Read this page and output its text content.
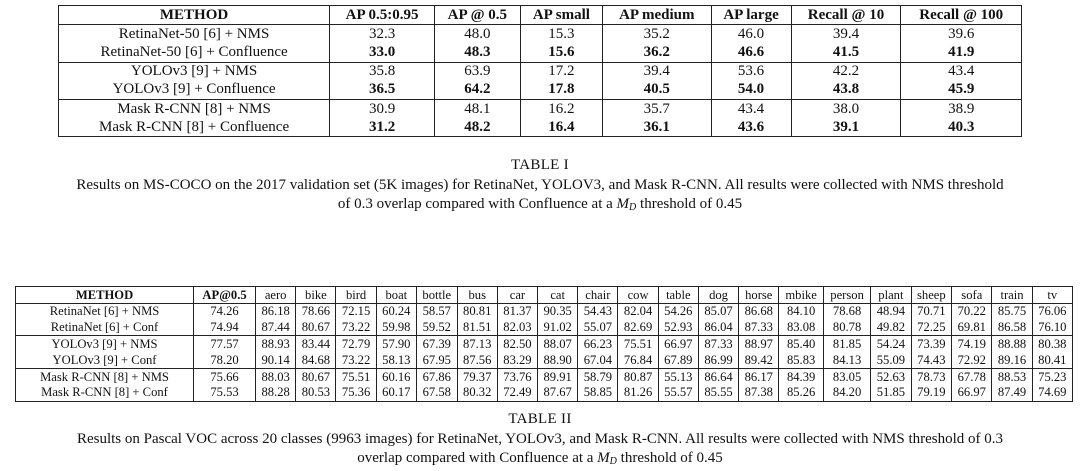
METHOD	AP 0.5:0.95	AP @ 0.5	AP small	AP medium	AP large	Recall @ 10	Recall @ 100
RetinaNet-50 [6] + NMS	32.3	48.0	15.3	35.2	46.0	39.4	39.6
RetinaNet-50 [6] + Confluence	33.0	48.3	15.6	36.2	46.6	41.5	41.9
YOLOv3 [9] + NMS	35.8	63.9	17.2	39.4	53.6	42.2	43.4
YOLOv3 [9] + Confluence	36.5	64.2	17.8	40.5	54.0	43.8	45.9
Mask R-CNN [8] + NMS	30.9	48.1	16.2	35.7	43.4	38.0	38.9
Mask R-CNN [8] + Confluence	31.2	48.2	16.4	36.1	43.6	39.1	40.3
TABLE I
Results on MS-COCO on the 2017 validation set (5K images) for RetinaNet, YOLOV3, and Mask R-CNN. All results were collected with NMS threshold
of 0.3 overlap compared with Confluence at a $M_D$ threshold of 0.45
METHOD	AP@0.5	aero	bike	bird	boat	bottle	bus	car	cat	chair	cow	table	dog	horse	mbike	person	plant	sheep	sofa	train	tv
RetinaNet [6] + NMS	74.26	86.18	78.66	72.15	60.24	58.57	80.81	81.37	90.35	54.43	82.04	54.26	85.07	86.68	84.10	78.68	48.94	70.71	70.22	85.75	76.06
RetinaNet [6] + Conf	74.94	87.44	80.67	73.22	59.98	59.52	81.51	82.03	91.02	55.07	82.69	52.93	86.04	87.33	83.08	80.78	49.82	72.25	69.81	86.58	76.10
YOLOv3 [9] + NMS	77.57	88.93	83.44	72.79	57.90	67.39	87.13	82.50	88.07	66.23	75.51	66.97	87.33	88.97	85.40	81.85	54.24	73.39	74.19	88.88	80.38
YOLOv3 [9] + Conf	78.20	90.14	84.68	73.22	58.13	67.95	87.56	83.29	88.90	67.04	76.84	67.89	86.99	89.42	85.83	84.13	55.09	74.43	72.92	89.16	80.41
Mask R-CNN [8] + NMS	75.66	88.03	80.67	75.51	60.16	67.86	79.37	73.76	89.91	58.79	80.87	55.13	86.64	86.17	84.39	83.05	52.63	78.73	67.78	88.53	75.23
Mask R-CNN [8] + Conf	75.53	88.28	80.53	75.36	60.17	67.58	80.32	72.49	87.67	58.85	81.26	55.57	85.55	87.38	85.26	84.20	51.85	79.19	66.97	87.49	74.69
TABLE II
Results on Pascal VOC across 20 classes (9963 images) for RetinaNet, YOLOv3, and Mask R-CNN. All results were collected with NMS threshold of 0.3
overlap compared with Confluence at a $M_D$ threshold of 0.45
